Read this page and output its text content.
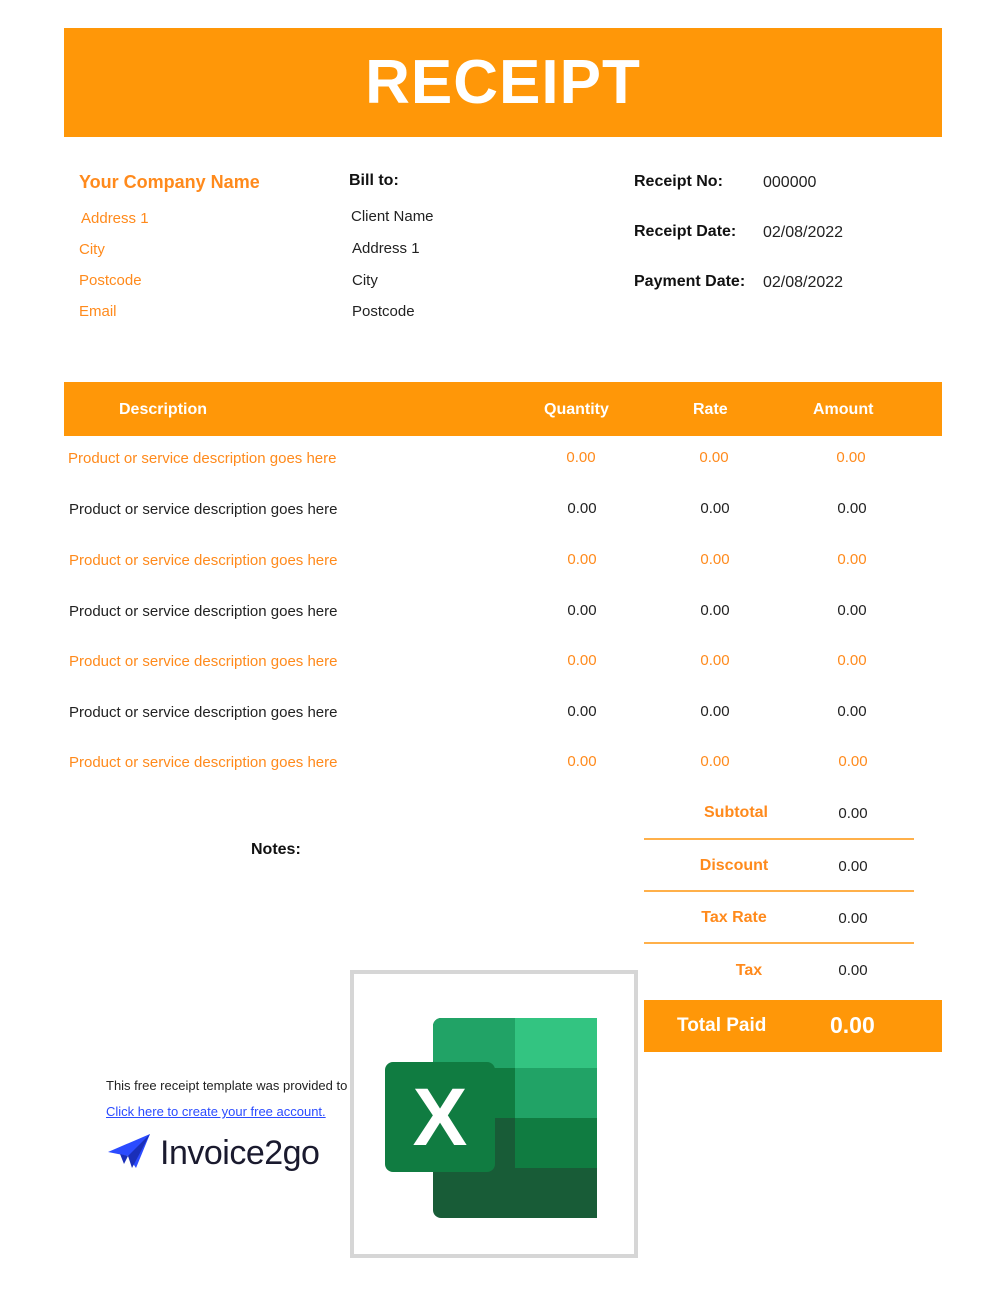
RECEIPT
Your Company Name
Address 1
City
Postcode
Email
Bill to:
Client Name
Address 1
City
Postcode
Receipt No:	000000
Receipt Date: 02/08/2022
Payment Date: 02/08/2022
Description	Quantity	Rate	Amount
Product or service description goes here	0.00	0.00	0.00
Product or service description goes here	0.00	0.00	0.00
Product or service description goes here	0.00	0.00	0.00
Product or service description goes here	0.00	0.00	0.00
Product or service description goes here	0.00	0.00	0.00
Product or service description goes here	0.00	0.00	0.00
Product or service description goes here	0.00	0.00	0.00
Subtotal	0.00
Discount	0.00
Tax Rate	0.00
Tax	0.00
Total Paid	0.00
Notes:
This free receipt template was provided to
Click here to create your free account.
Invoice2go X
